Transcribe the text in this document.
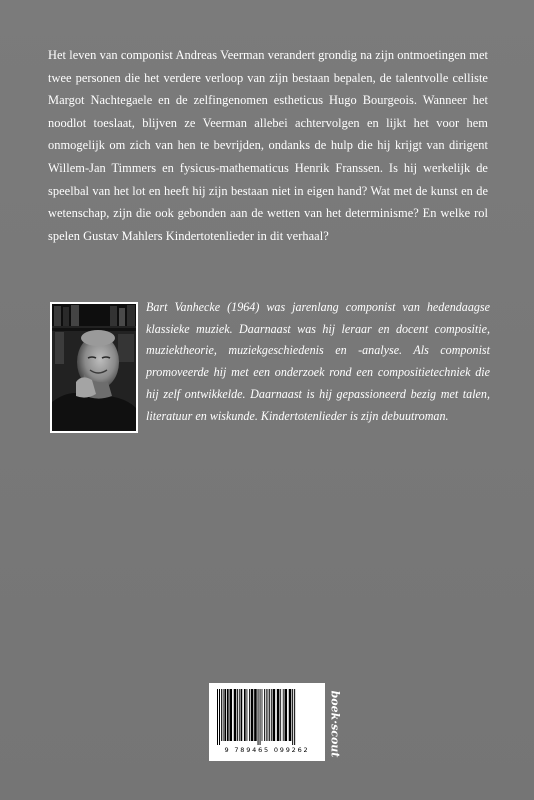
Het leven van componist Andreas Veerman verandert grondig na zijn ontmoetingen met twee personen die het verdere verloop van zijn bestaan bepalen, de talentvolle celliste Margot Nachtegaele en de zelfingenomen estheticus Hugo Bourgeois. Wanneer het noodlot toeslaat, blijven ze Veerman allebei achtervolgen en lijkt het voor hem onmogelijk om zich van hen te bevrijden, ondanks de hulp die hij krijgt van dirigent Willem-Jan Timmers en fysicus-mathematicus Henrik Franssen. Is hij werkelijk de speelbal van het lot en heeft hij zijn bestaan niet in eigen hand? Wat met de kunst en de wetenschap, zijn die ook gebonden aan de wetten van het determinisme? En welke rol spelen Gustav Mahlers Kindertotenlieder in dit verhaal?

Bart Vanhecke (1964) was jarenlang componist van hedendaagse klassieke muziek. Daarnaast was hij leraar en docent compositie, muziektheorie, muziekgeschiedenis en -analyse. Als componist promoveerde hij met een onderzoek rond een compositietechniek die hij zelf ontwikkelde. Daarnaast is hij gepassioneerd bezig met talen, literatuur en wiskunde. Kindertotenlieder is zijn debuutroman.

9 789465 099262	boek·scout
